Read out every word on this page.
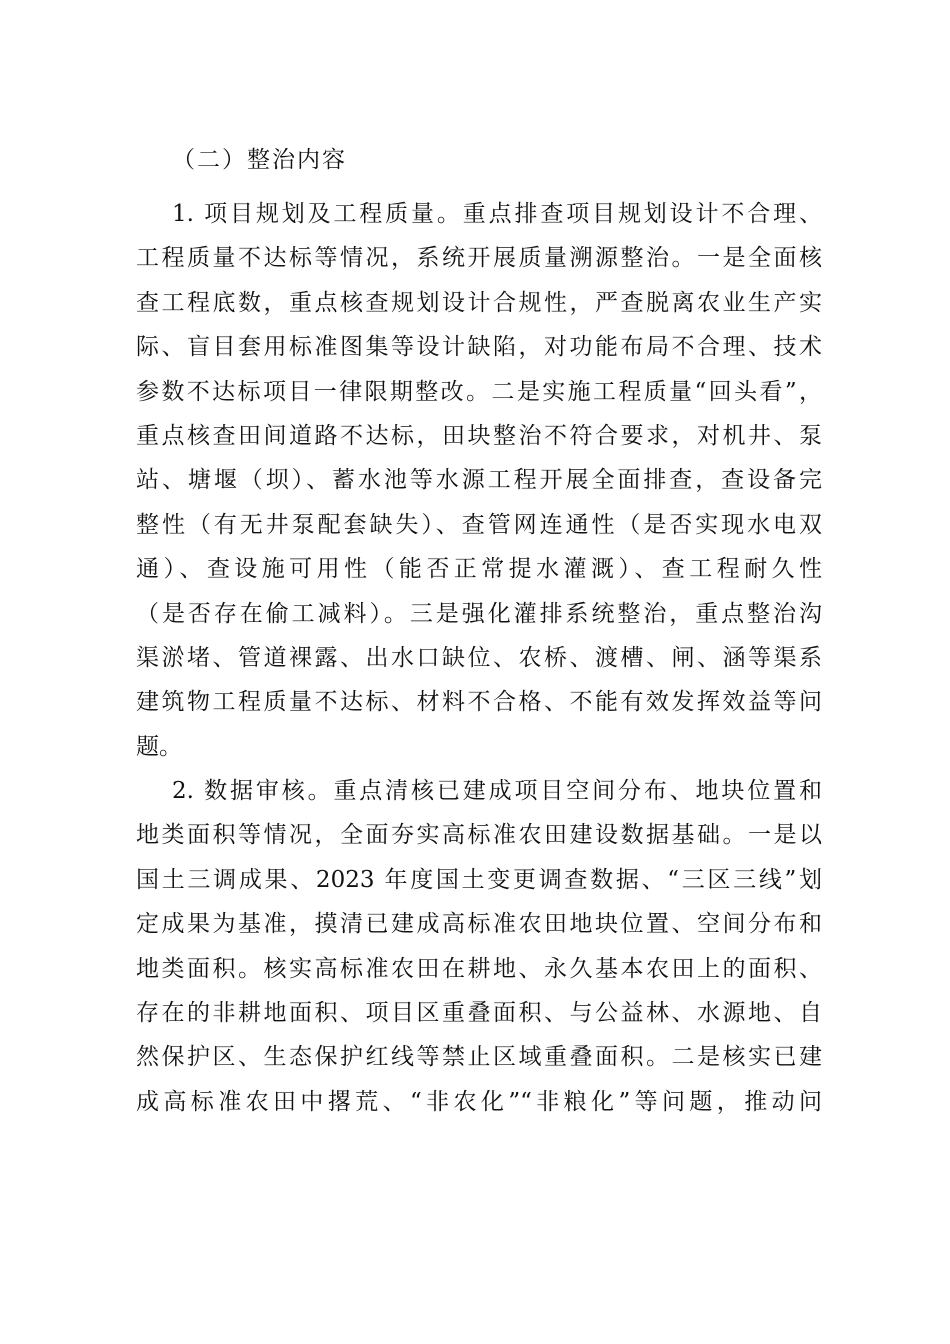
（二）整治内容
1. 项目规划及工程质量。重点排查项目规划设计不合理、
工程质量不达标等情况，系统开展质量溯源整治。一是全面核
查工程底数，重点核查规划设计合规性，严查脱离农业生产实
际、盲目套用标准图集等设计缺陷，对功能布局不合理、技术
参数不达标项目一律限期整改。二是实施工程质量“回头看”，
重点核查田间道路不达标，田块整治不符合要求，对机井、泵
站、塘堰（坝）、蓄水池等水源工程开展全面排查，查设备完
整性（有无井泵配套缺失）、查管网连通性（是否实现水电双
通）、查设施可用性（能否正常提水灌溉）、查工程耐久性
（是否存在偷工减料）。三是强化灌排系统整治，重点整治沟
渠淤堵、管道裸露、出水口缺位、农桥、渡槽、闸、涵等渠系
建筑物工程质量不达标、材料不合格、不能有效发挥效益等问
题。
2. 数据审核。重点清核已建成项目空间分布、地块位置和
地类面积等情况，全面夯实高标准农田建设数据基础。一是以
国土三调成果、2023 年度国土变更调查数据、“三区三线”划
定成果为基准，摸清已建成高标准农田地块位置、空间分布和
地类面积。核实高标准农田在耕地、永久基本农田上的面积、
存在的非耕地面积、项目区重叠面积、与公益林、水源地、自
然保护区、生态保护红线等禁止区域重叠面积。二是核实已建
成高标准农田中撂荒、“非农化”“非粮化”等问题，推动问
